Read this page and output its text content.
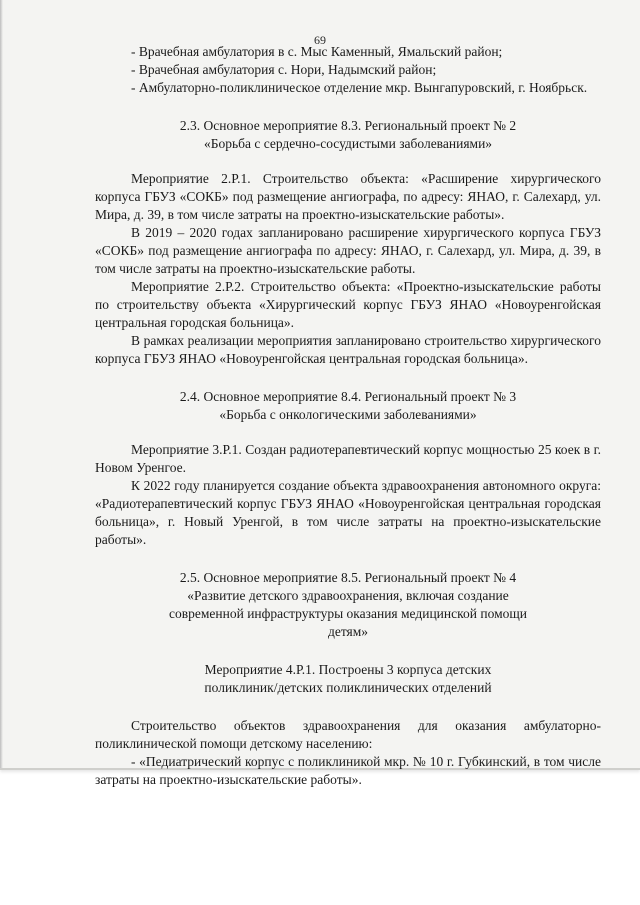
69

- Врачебная амбулатория в с. Мыс Каменный, Ямальский район;

- Врачебная амбулатория с. Нори, Надымский район;

- Амбулаторно-поликлиническое отделение мкр. Вынгапуровский, г. Ноябрьск.

2.3. Основное мероприятие 8.3. Региональный проект № 2

«Борьба с сердечно-сосудистыми заболеваниями»

Мероприятие 2.Р.1. Строительство объекта: «Расширение хирургического корпуса ГБУЗ «СОКБ» под размещение ангиографа, по адресу: ЯНАО, г. Салехард, ул. Мира, д. 39, в том числе затраты на проектно-изыскательские работы».

В 2019 – 2020 годах запланировано расширение хирургического корпуса ГБУЗ «СОКБ» под размещение ангиографа по адресу: ЯНАО, г. Салехард, ул. Мира, д. 39, в том числе затраты на проектно-изыскательские работы.

Мероприятие 2.Р.2. Строительство объекта: «Проектно-изыскательские работы по строительству объекта «Хирургический корпус ГБУЗ ЯНАО «Новоуренгойская центральная городская больница».

В рамках реализации мероприятия запланировано строительство хирургического корпуса ГБУЗ ЯНАО «Новоуренгойская центральная городская больница».

2.4. Основное мероприятие 8.4. Региональный проект № 3

«Борьба с онкологическими заболеваниями»

Мероприятие 3.Р.1. Создан радиотерапевтический корпус мощностью 25 коек в г. Новом Уренгое.

К 2022 году планируется создание объекта здравоохранения автономного округа: «Радиотерапевтический корпус ГБУЗ ЯНАО «Новоуренгойская центральная городская больница», г. Новый Уренгой, в том числе затраты на проектно-изыскательские работы».

2.5. Основное мероприятие 8.5. Региональный проект № 4

«Развитие детского здравоохранения, включая создание

современной инфраструктуры оказания медицинской помощи

детям»

Мероприятие 4.Р.1. Построены 3 корпуса детских

поликлиник/детских поликлинических отделений

Строительство объектов здравоохранения для оказания амбулаторно-поликлинической помощи детскому населению:

- «Педиатрический корпус с поликлиникой мкр. № 10 г. Губкинский, в том числе затраты на проектно-изыскательские работы».
